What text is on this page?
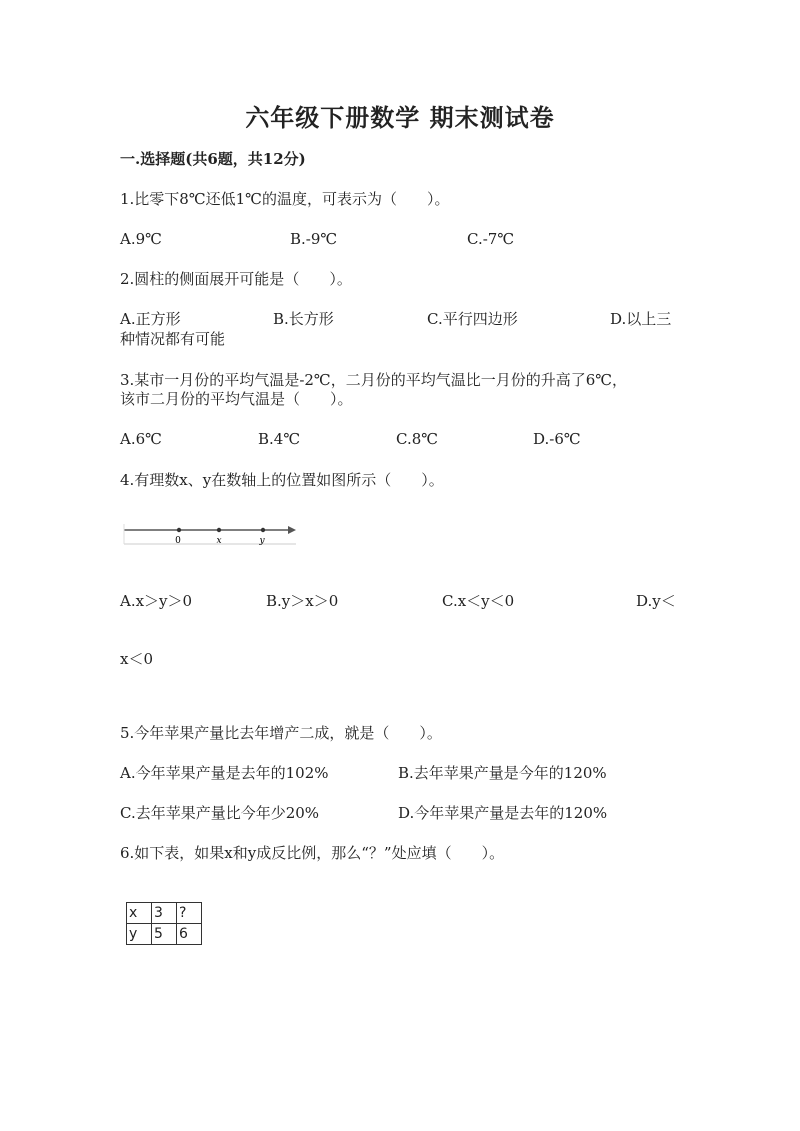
六年级下册数学 期末测试卷
一.选择题(共6题，共12分)
1.比零下8℃还低1℃的温度，可表示为（　　）。
A.9℃	B.-9℃	C.-7℃
2.圆柱的侧面展开可能是（　　）。
A.正方形	B.长方形	C.平行四边形	D.以上三
种情况都有可能
3.某市一月份的平均气温是-2℃，二月份的平均气温比一月份的升高了6℃，
该市二月份的平均气温是（　　）。
A.6℃	B.4℃	C.8℃	D.-6℃
4.有理数x、y在数轴上的位置如图所示（　　）。
0	x	y
A.x＞y＞0	B.y＞x＞0	C.x＜y＜0	D.y＜
x＜0
5.今年苹果产量比去年增产二成，就是（　　）。
A.今年苹果产量是去年的102%	B.去年苹果产量是今年的120%
C.去年苹果产量比今年少20%	D.今年苹果产量是去年的120%
6.如下表，如果x和y成反比例，那么“？”处应填（　　）。
x	3	?
y	5	6
